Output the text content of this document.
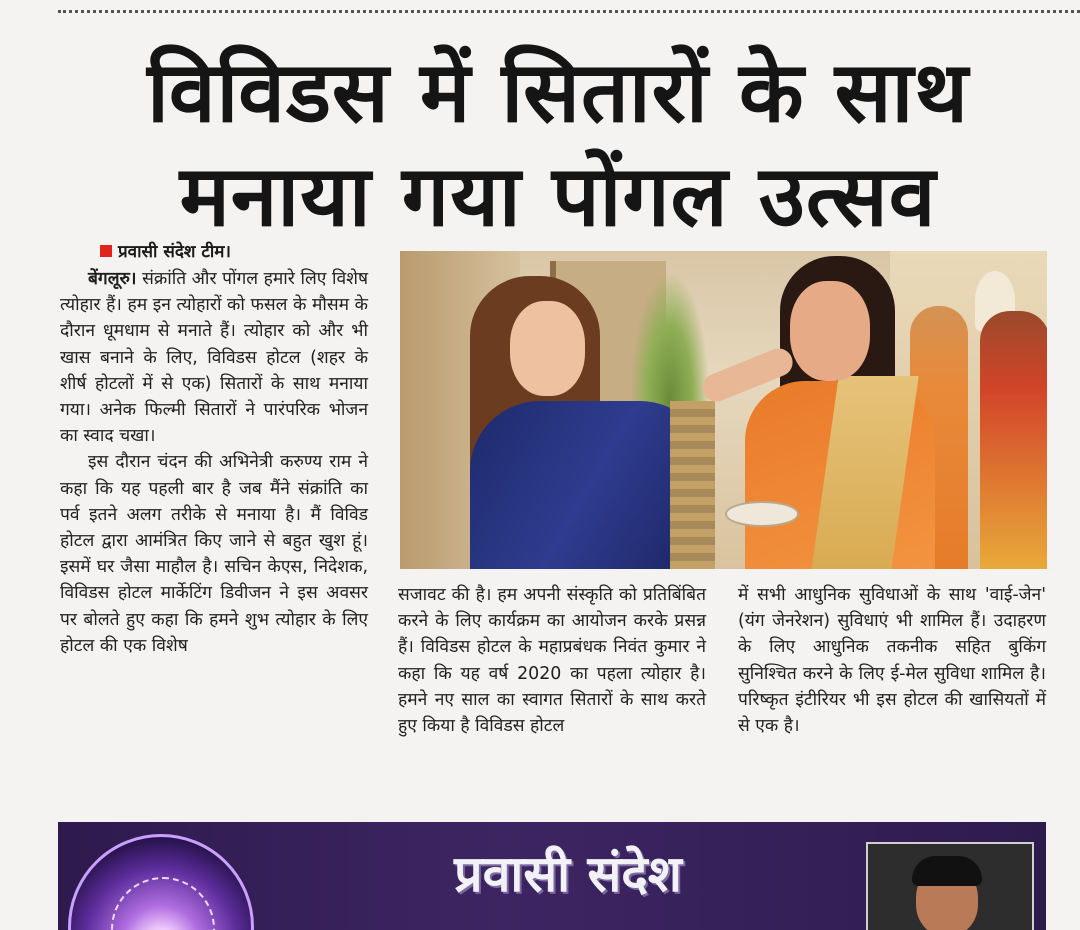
विविडस में सितारों के साथ
मनाया गया पोंगल उत्सव
प्रवासी संदेश टीम।

बेंगलूरु। संक्रांति और पोंगल हमारे लिए विशेष त्योहार हैं। हम इन त्योहारों को फसल के मौसम के दौरान धूमधाम से मनाते हैं। त्योहार को और भी खास बनाने के लिए, विविडस होटल (शहर के शीर्ष होटलों में से एक) सितारों के साथ मनाया गया। अनेक फिल्मी सितारों ने पारंपरिक भोजन का स्वाद चखा।

इस दौरान चंदन की अभिनेत्री करुण्य राम ने कहा कि यह पहली बार है जब मैंने संक्रांति का पर्व इतने अलग तरीके से मनाया है। मैं विविड होटल द्वारा आमंत्रित किए जाने से बहुत खुश हूं। इसमें घर जैसा माहौल है। सचिन केएस, निदेशक, विविडस होटल मार्केटिंग डिवीजन ने इस अवसर पर बोलते हुए कहा कि हमने शुभ त्योहार के लिए होटल की एक विशेष

सजावट की है। हम अपनी संस्कृति को प्रतिबिंबित करने के लिए कार्यक्रम का आयोजन करके प्रसन्न हैं। विविडस होटल के महाप्रबंधक निवंत कुमार ने कहा कि यह वर्ष 2020 का पहला त्योहार है। हमने नए साल का स्वागत सितारों के साथ करते हुए किया है विविडस होटल

में सभी आधुनिक सुविधाओं के साथ 'वाई-जेन' (यंग जेनरेशन) सुविधाएं भी शामिल हैं। उदाहरण के लिए आधुनिक तकनीक सहित बुकिंग सुनिश्चित करने के लिए ई-मेल सुविधा शामिल है। परिष्कृत इंटीरियर भी इस होटल की खासियतों में से एक है।

प्रवासी संदेश
